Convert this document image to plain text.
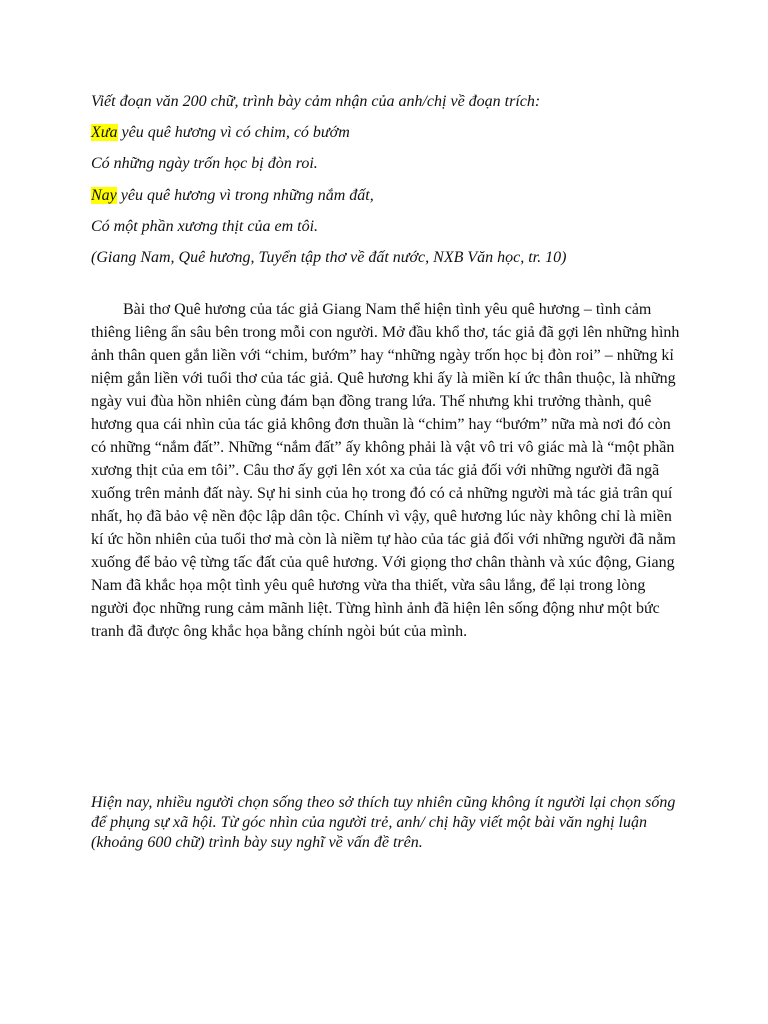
Viết đoạn văn 200 chữ, trình bày cảm nhận của anh/chị về đoạn trích:

Xưa yêu quê hương vì có chim, có bướm

Có những ngày trốn học bị đòn roi.

Nay yêu quê hương vì trong những nắm đất,

Có một phần xương thịt của em tôi.

(Giang Nam, Quê hương, Tuyển tập thơ về đất nước, NXB Văn học, tr. 10)

Bài thơ Quê hương của tác giả Giang Nam thể hiện tình yêu quê hương – tình cảm thiêng liêng ẩn sâu bên trong mỗi con người. Mở đầu khổ thơ, tác giả đã gợi lên những hình ảnh thân quen gắn liền với “chim, bướm” hay “những ngày trốn học bị đòn roi” – những kỉ niệm gắn liền với tuổi thơ của tác giả. Quê hương khi ấy là miền kí ức thân thuộc, là những ngày vui đùa hồn nhiên cùng đám bạn đồng trang lứa. Thế nhưng khi trưởng thành, quê hương qua cái nhìn của tác giả không đơn thuần là “chim” hay “bướm” nữa mà nơi đó còn có những “nắm đất”. Những “nắm đất” ấy không phải là vật vô tri vô giác mà là “một phần xương thịt của em tôi”. Câu thơ ấy gợi lên xót xa của tác giả đối với những người đã ngã xuống trên mảnh đất này. Sự hi sinh của họ trong đó có cả những người mà tác giả trân quí nhất, họ đã bảo vệ nền độc lập dân tộc. Chính vì vậy, quê hương lúc này không chỉ là miền kí ức hồn nhiên của tuổi thơ mà còn là niềm tự hào của tác giả đối với những người đã nằm xuống để bảo vệ từng tấc đất của quê hương. Với giọng thơ chân thành và xúc động, Giang Nam đã khắc họa một tình yêu quê hương vừa tha thiết, vừa sâu lắng, để lại trong lòng người đọc những rung cảm mãnh liệt. Từng hình ảnh đã hiện lên sống động như một bức tranh đã được ông khắc họa bằng chính ngòi bút của mình.

Hiện nay, nhiều người chọn sống theo sở thích tuy nhiên cũng không ít người lại chọn sống để phụng sự xã hội. Từ góc nhìn của người trẻ, anh/ chị hãy viết một bài văn nghị luận (khoảng 600 chữ) trình bày suy nghĩ về vấn đề trên.
